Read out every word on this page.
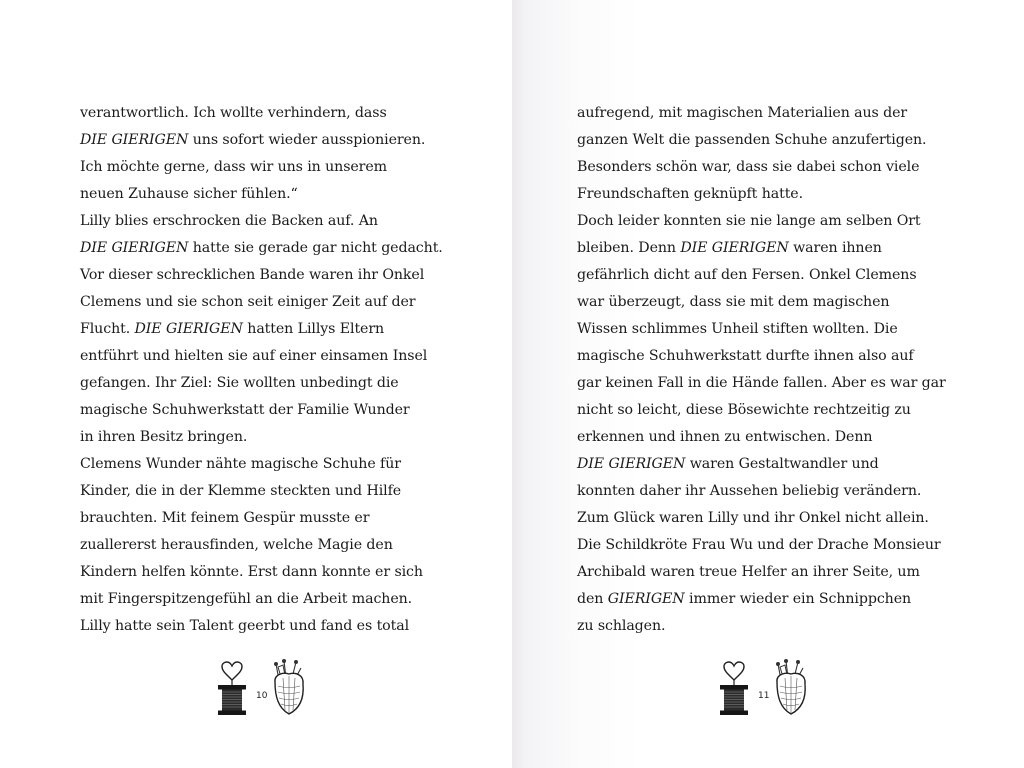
verantwortlich. Ich wollte verhindern, dass
DIE GIERIGEN uns sofort wieder ausspionieren.
Ich möchte gerne, dass wir uns in unserem
neuen Zuhause sicher fühlen.“
Lilly blies erschrocken die Backen auf. An
DIE GIERIGEN hatte sie gerade gar nicht gedacht.
Vor dieser schrecklichen Bande waren ihr Onkel
Clemens und sie schon seit einiger Zeit auf der
Flucht. DIE GIERIGEN hatten Lillys Eltern
entführt und hielten sie auf einer einsamen Insel
gefangen. Ihr Ziel: Sie wollten unbedingt die
magische Schuhwerkstatt der Familie Wunder
in ihren Besitz bringen.
Clemens Wunder nähte magische Schuhe für
Kinder, die in der Klemme steckten und Hilfe
brauchten. Mit feinem Gespür musste er
zuallererst herausfinden, welche Magie den
Kindern helfen könnte. Erst dann konnte er sich
mit Fingerspitzengefühl an die Arbeit machen.
Lilly hatte sein Talent geerbt und fand es total
10
aufregend, mit magischen Materialien aus der
ganzen Welt die passenden Schuhe anzufertigen.
Besonders schön war, dass sie dabei schon viele
Freundschaften geknüpft hatte.
Doch leider konnten sie nie lange am selben Ort
bleiben. Denn DIE GIERIGEN waren ihnen
gefährlich dicht auf den Fersen. Onkel Clemens
war überzeugt, dass sie mit dem magischen
Wissen schlimmes Unheil stiften wollten. Die
magische Schuhwerkstatt durfte ihnen also auf
gar keinen Fall in die Hände fallen. Aber es war gar
nicht so leicht, diese Bösewichte rechtzeitig zu
erkennen und ihnen zu entwischen. Denn
DIE GIERIGEN waren Gestaltwandler und
konnten daher ihr Aussehen beliebig verändern.
Zum Glück waren Lilly und ihr Onkel nicht allein.
Die Schildkröte Frau Wu und der Drache Monsieur
Archibald waren treue Helfer an ihrer Seite, um
den GIERIGEN immer wieder ein Schnippchen
zu schlagen.
11
